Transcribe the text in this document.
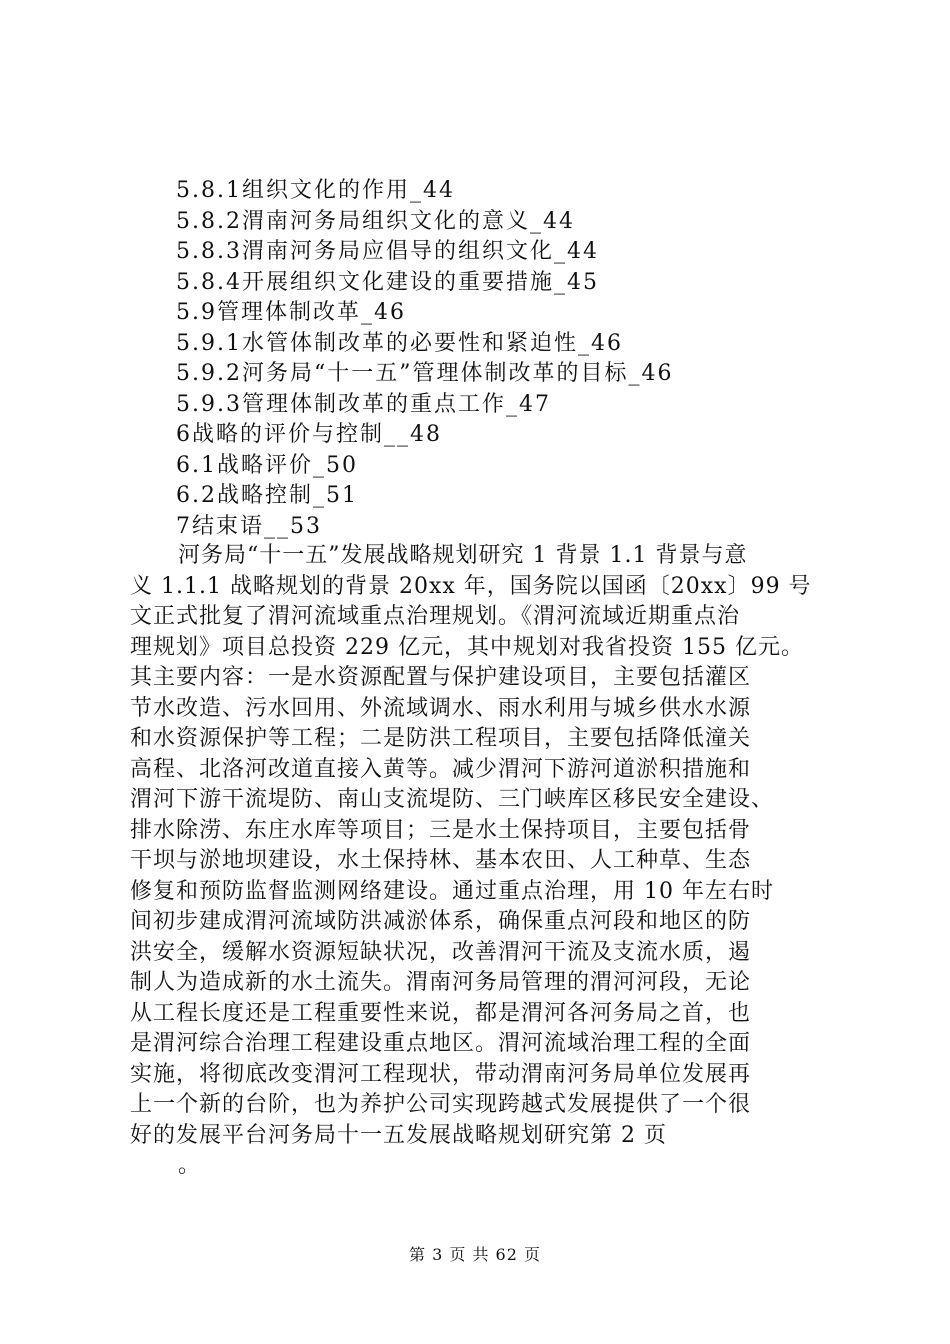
5.8.1组织文化的作用_44
5.8.2渭南河务局组织文化的意义_44
5.8.3渭南河务局应倡导的组织文化_44
5.8.4开展组织文化建设的重要措施_45
5.9管理体制改革_46
5.9.1水管体制改革的必要性和紧迫性_46
5.9.2河务局“十一五”管理体制改革的目标_46
5.9.3管理体制改革的重点工作_47
6战略的评价与控制__48
6.1战略评价_50
6.2战略控制_51
7结束语__53
河务局“十一五”发展战略规划研究 1 背景 1.1 背景与意
义 1.1.1 战略规划的背景 20xx 年，国务院以国函〔20xx〕99 号
文正式批复了渭河流域重点治理规划。《渭河流域近期重点治
理规划》项目总投资 229 亿元，其中规划对我省投资 155 亿元。
其主要内容：一是水资源配置与保护建设项目，主要包括灌区
节水改造、污水回用、外流域调水、雨水利用与城乡供水水源
和水资源保护等工程；二是防洪工程项目，主要包括降低潼关
高程、北洛河改道直接入黄等。减少渭河下游河道淤积措施和
渭河下游干流堤防、南山支流堤防、三门峡库区移民安全建设、
排水除涝、东庄水库等项目；三是水土保持项目，主要包括骨
干坝与淤地坝建设，水土保持林、基本农田、人工种草、生态
修复和预防监督监测网络建设。通过重点治理，用 10 年左右时
间初步建成渭河流域防洪减淤体系，确保重点河段和地区的防
洪安全，缓解水资源短缺状况，改善渭河干流及支流水质，遏
制人为造成新的水土流失。渭南河务局管理的渭河河段，无论
从工程长度还是工程重要性来说，都是渭河各河务局之首，也
是渭河综合治理工程建设重点地区。渭河流域治理工程的全面
实施，将彻底改变渭河工程现状，带动渭南河务局单位发展再
上一个新的台阶，也为养护公司实现跨越式发展提供了一个很
好的发展平台河务局十一五发展战略规划研究第 2 页
。
第 3 页 共 62 页
